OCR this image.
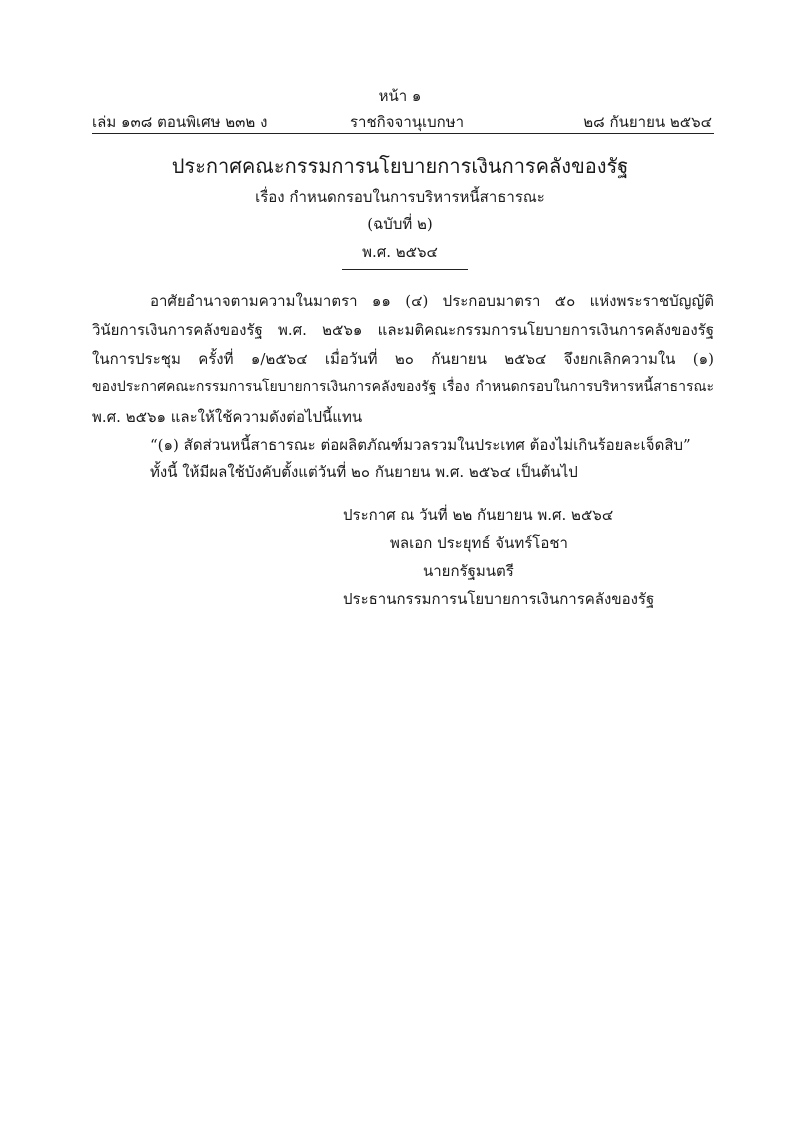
หน้า ๑
เล่ม ๑๓๘ ตอนพิเศษ ๒๓๒ ง	ราชกิจจานุเบกษา	๒๘ กันยายน ๒๕๖๔
ประกาศคณะกรรมการนโยบายการเงินการคลังของรัฐ
เรื่อง กำหนดกรอบในการบริหารหนี้สาธารณะ
(ฉบับที่ ๒)
พ.ศ. ๒๕๖๔
อาศัยอำนาจตามความในมาตรา ๑๑ (๔) ประกอบมาตรา ๕๐ แห่งพระราชบัญญัติ
วินัยการเงินการคลังของรัฐ พ.ศ. ๒๕๖๑ และมติคณะกรรมการนโยบายการเงินการคลังของรัฐ
ในการประชุม ครั้งที่ ๑/๒๕๖๔ เมื่อวันที่ ๒๐ กันยายน ๒๕๖๔ จึงยกเลิกความใน (๑)
ของประกาศคณะกรรมการนโยบายการเงินการคลังของรัฐ เรื่อง กำหนดกรอบในการบริหารหนี้สาธารณะ
พ.ศ. ๒๕๖๑ และให้ใช้ความดังต่อไปนี้แทน
“(๑) สัดส่วนหนี้สาธารณะ ต่อผลิตภัณฑ์มวลรวมในประเทศ ต้องไม่เกินร้อยละเจ็ดสิบ”
ทั้งนี้ ให้มีผลใช้บังคับตั้งแต่วันที่ ๒๐ กันยายน พ.ศ. ๒๕๖๔ เป็นต้นไป
ประกาศ ณ วันที่ ๒๒ กันยายน พ.ศ. ๒๕๖๔
พลเอก ประยุทธ์ จันทร์โอชา
นายกรัฐมนตรี
ประธานกรรมการนโยบายการเงินการคลังของรัฐ
